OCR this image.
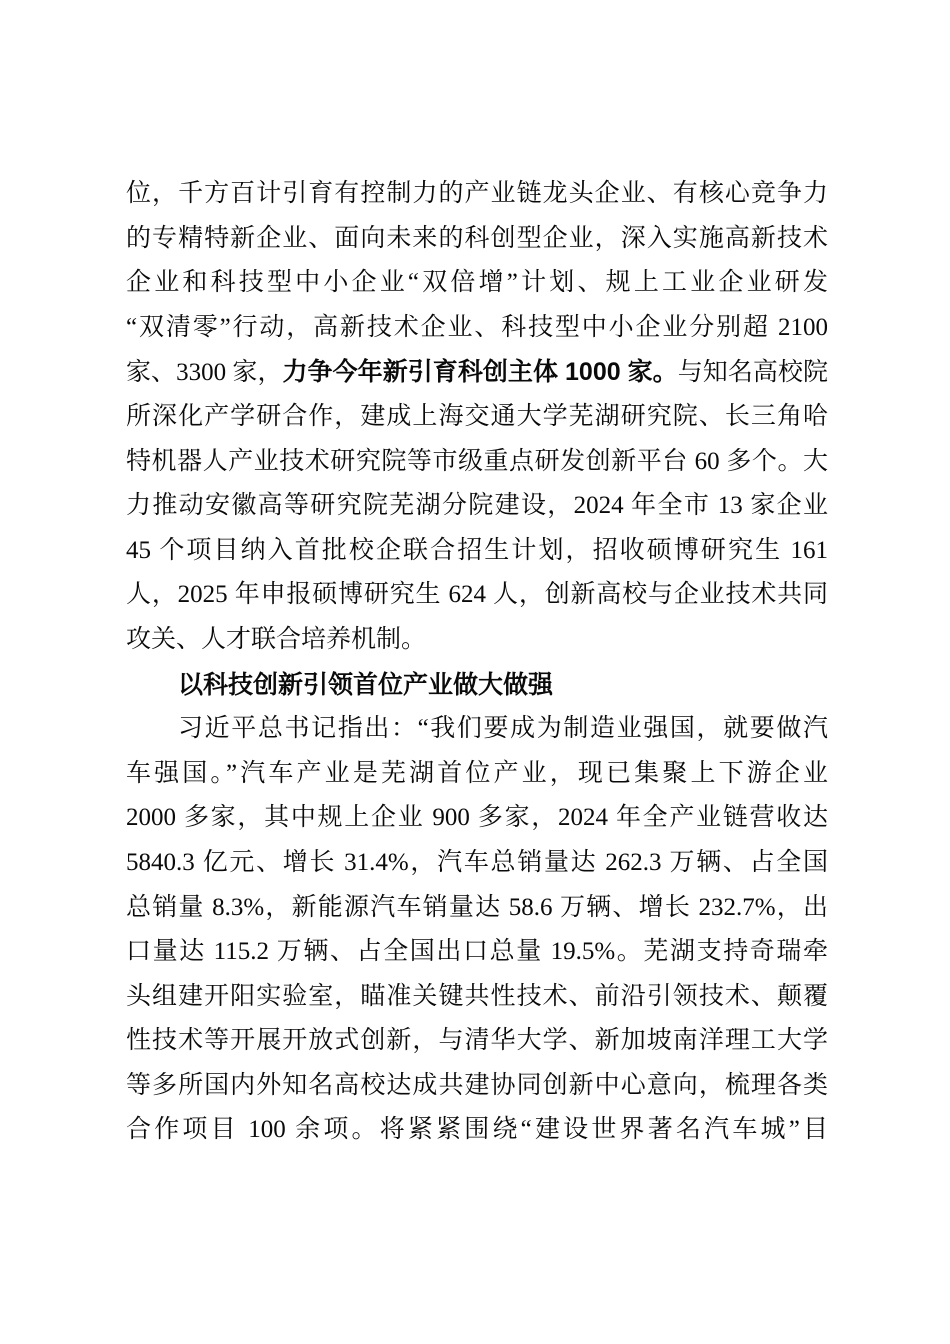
位，千方百计引育有控制力的产业链龙头企业、有核心竞争力
的专精特新企业、面向未来的科创型企业，深入实施高新技术
企业和科技型中小企业“双倍增”计划、规上工业企业研发
“双清零”行动，高新技术企业、科技型中小企业分别超 2100
家、3300 家，力争今年新引育科创主体 1000 家。与知名高校院
所深化产学研合作，建成上海交通大学芜湖研究院、长三角哈
特机器人产业技术研究院等市级重点研发创新平台 60 多个。大
力推动安徽高等研究院芜湖分院建设，2024 年全市 13 家企业
45 个项目纳入首批校企联合招生计划，招收硕博研究生 161
人，2025 年申报硕博研究生 624 人，创新高校与企业技术共同
攻关、人才联合培养机制。
以科技创新引领首位产业做大做强
习近平总书记指出：“我们要成为制造业强国，就要做汽
车强国。”汽车产业是芜湖首位产业，现已集聚上下游企业
2000 多家，其中规上企业 900 多家，2024 年全产业链营收达
5840.3 亿元、增长 31.4%，汽车总销量达 262.3 万辆、占全国
总销量 8.3%，新能源汽车销量达 58.6 万辆、增长 232.7%，出
口量达 115.2 万辆、占全国出口总量 19.5%。芜湖支持奇瑞牵
头组建开阳实验室，瞄准关键共性技术、前沿引领技术、颠覆
性技术等开展开放式创新，与清华大学、新加坡南洋理工大学
等多所国内外知名高校达成共建协同创新中心意向，梳理各类
合作项目 100 余项。将紧紧围绕“建设世界著名汽车城”目
